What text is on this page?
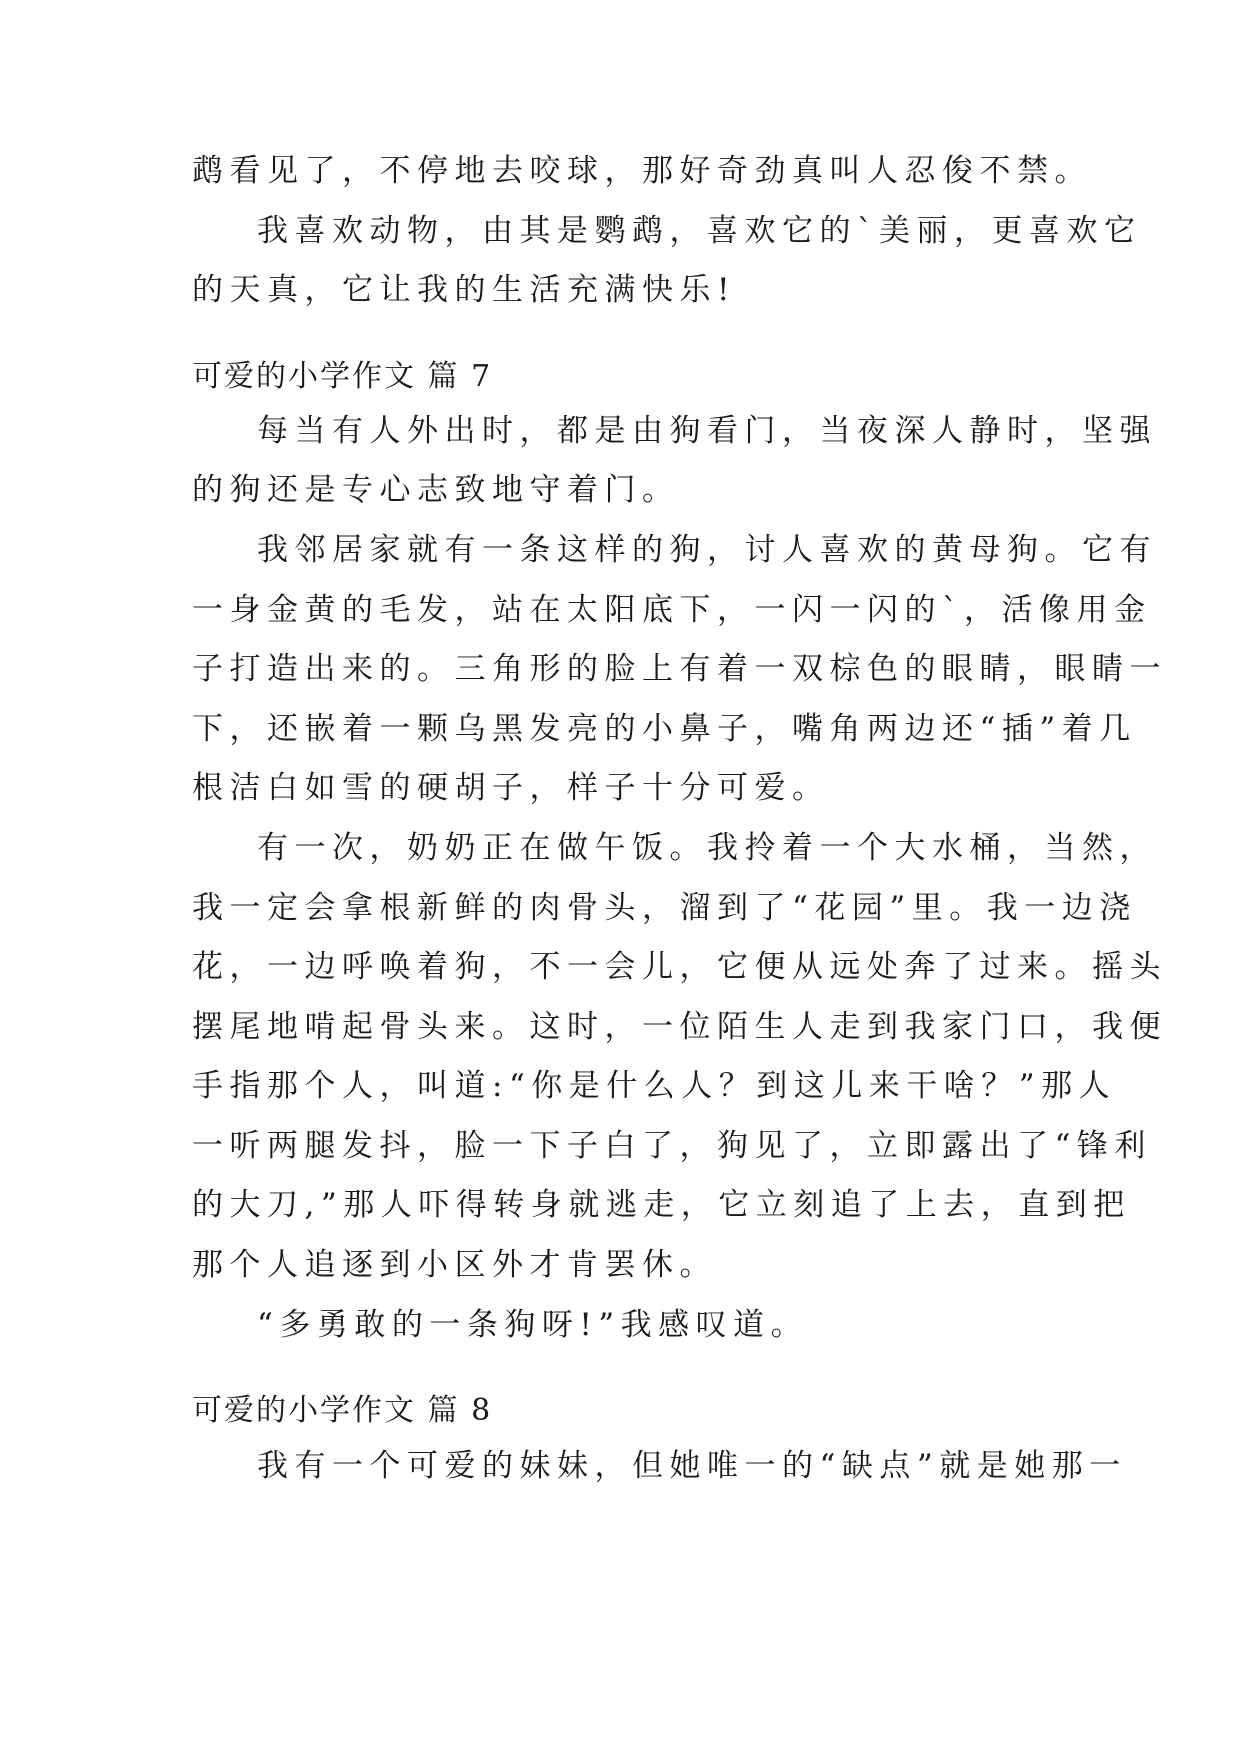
鹉看见了，不停地去咬球，那好奇劲真叫人忍俊不禁。
我喜欢动物，由其是鹦鹉，喜欢它的`美丽，更喜欢它
的天真，它让我的生活充满快乐!
可爱的小学作文 篇 7
每当有人外出时，都是由狗看门，当夜深人静时，坚强
的狗还是专心志致地守着门。
我邻居家就有一条这样的狗，讨人喜欢的黄母狗。它有
一身金黄的毛发，站在太阳底下，一闪一闪的`，活像用金
子打造出来的。三角形的脸上有着一双棕色的眼睛，眼睛一
下，还嵌着一颗乌黑发亮的小鼻子，嘴角两边还“插”着几
根洁白如雪的硬胡子，样子十分可爱。
有一次，奶奶正在做午饭。我拎着一个大水桶，当然，
我一定会拿根新鲜的肉骨头，溜到了“花园”里。我一边浇
花，一边呼唤着狗，不一会儿，它便从远处奔了过来。摇头
摆尾地啃起骨头来。这时，一位陌生人走到我家门口，我便
手指那个人，叫道:“你是什么人？到这儿来干啥？”那人
一听两腿发抖，脸一下子白了，狗见了，立即露出了“锋利
的大刀,”那人吓得转身就逃走，它立刻追了上去，直到把
那个人追逐到小区外才肯罢休。
“多勇敢的一条狗呀!”我感叹道。
可爱的小学作文 篇 8
我有一个可爱的妹妹，但她唯一的“缺点”就是她那一
